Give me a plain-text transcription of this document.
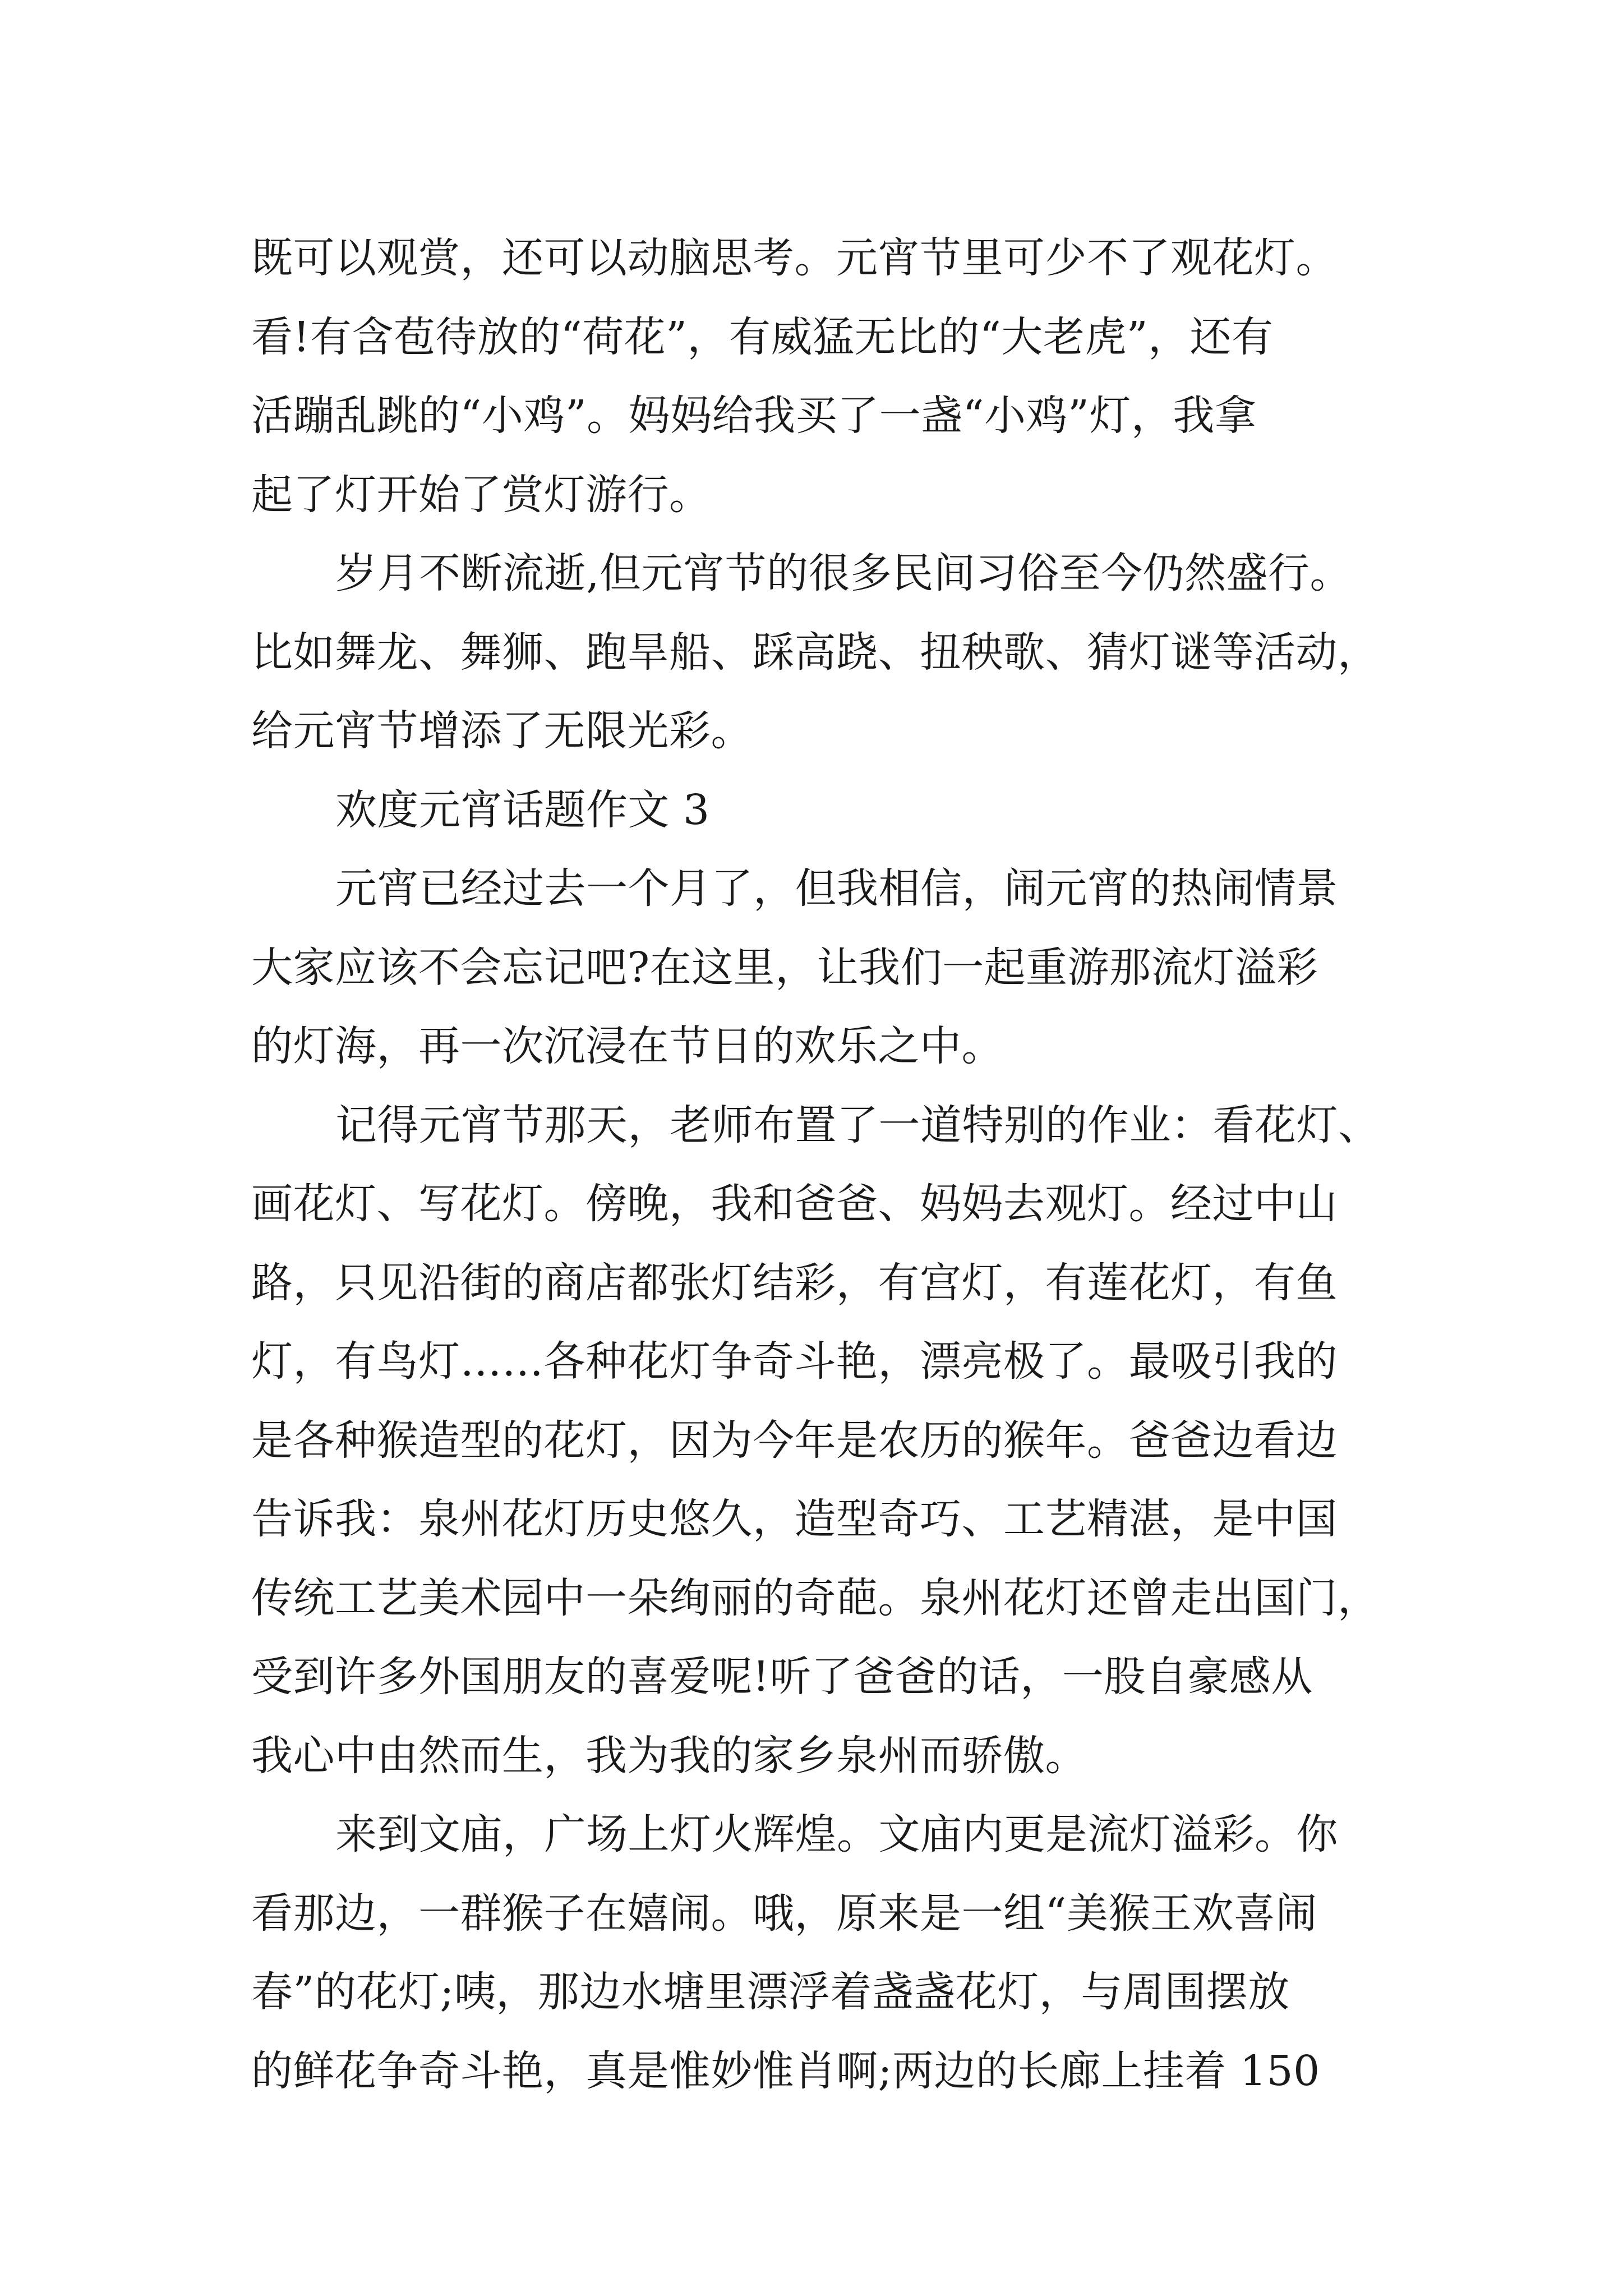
既可以观赏，还可以动脑思考。元宵节里可少不了观花灯。
看!有含苞待放的“荷花”，有威猛无比的“大老虎”，还有
活蹦乱跳的“小鸡”。妈妈给我买了一盏“小鸡”灯，我拿
起了灯开始了赏灯游行。
岁月不断流逝,但元宵节的很多民间习俗至今仍然盛行。
比如舞龙、舞狮、跑旱船、踩高跷、扭秧歌、猜灯谜等活动，
给元宵节增添了无限光彩。
欢度元宵话题作文 3
元宵已经过去一个月了，但我相信，闹元宵的热闹情景
大家应该不会忘记吧?在这里，让我们一起重游那流灯溢彩
的灯海，再一次沉浸在节日的欢乐之中。
记得元宵节那天，老师布置了一道特别的作业：看花灯、
画花灯、写花灯。傍晚，我和爸爸、妈妈去观灯。经过中山
路，只见沿街的商店都张灯结彩，有宫灯，有莲花灯，有鱼
灯，有鸟灯……各种花灯争奇斗艳，漂亮极了。最吸引我的
是各种猴造型的花灯，因为今年是农历的猴年。爸爸边看边
告诉我：泉州花灯历史悠久，造型奇巧、工艺精湛，是中国
传统工艺美术园中一朵绚丽的奇葩。泉州花灯还曾走出国门，
受到许多外国朋友的喜爱呢!听了爸爸的话，一股自豪感从
我心中由然而生，我为我的家乡泉州而骄傲。
来到文庙，广场上灯火辉煌。文庙内更是流灯溢彩。你
看那边，一群猴子在嬉闹。哦，原来是一组“美猴王欢喜闹
春”的花灯;咦，那边水塘里漂浮着盏盏花灯，与周围摆放
的鲜花争奇斗艳，真是惟妙惟肖啊;两边的长廊上挂着 150
